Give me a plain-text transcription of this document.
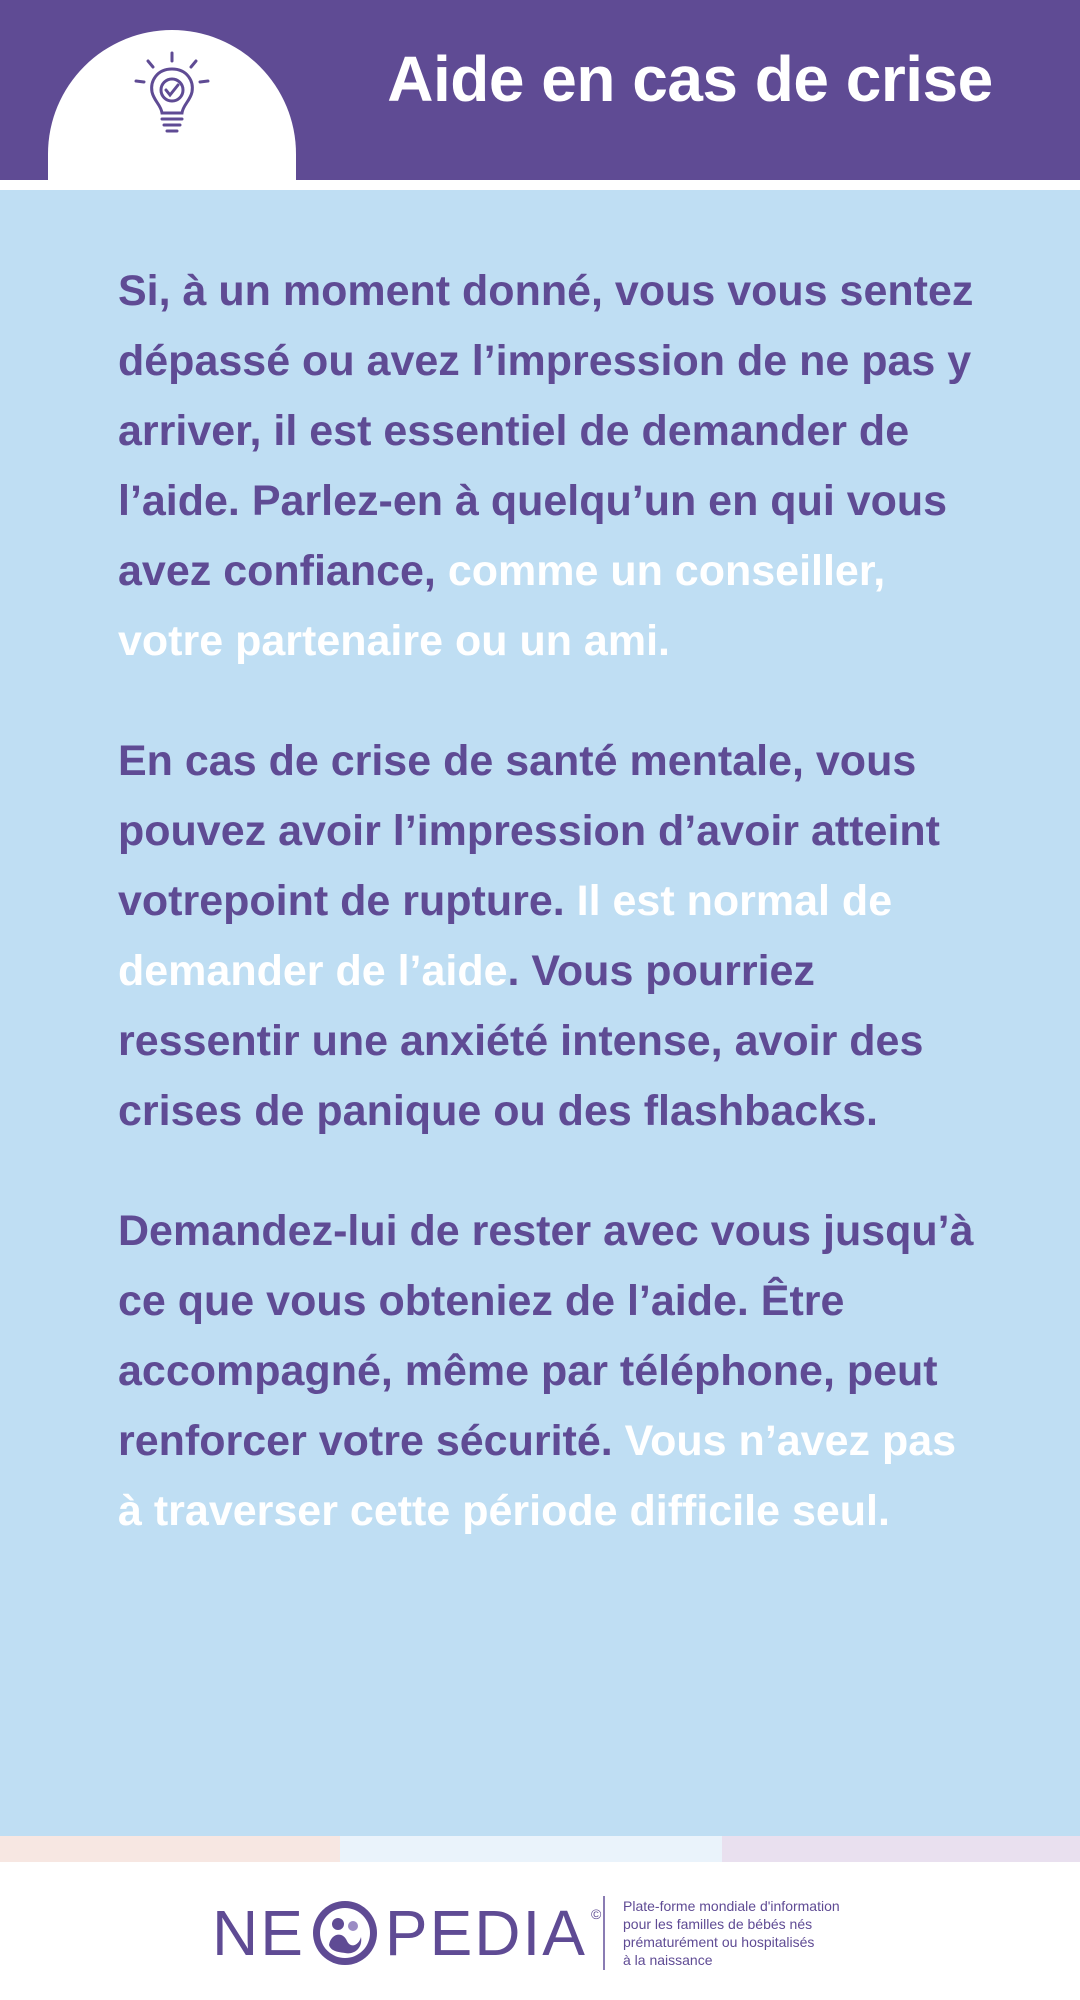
Aide en cas de crise

Si, à un moment donné, vous vous sentez dépassé ou avez l’impression de ne pas y arriver, il est essentiel de demander de l’aide. Parlez-en à quelqu’un en qui vous avez confiance, comme un conseiller, votre partenaire ou un ami.

En cas de crise de santé mentale, vous pouvez avoir l’impression d’avoir atteint votrepoint de rupture. Il est normal de demander de l’aide. Vous pourriez ressentir une anxiété intense, avoir des crises de panique ou des flashbacks.

Demandez-lui de rester avec vous jusqu’à ce que vous obteniez de l’aide. Être accompagné, même par téléphone, peut renforcer votre sécurité. Vous n’avez pas à traverser cette période difficile seul.

NE PEDIA © Plate-forme mondiale d'information
pour les familles de bébés nés
prématurément ou hospitalisés
à la naissance
